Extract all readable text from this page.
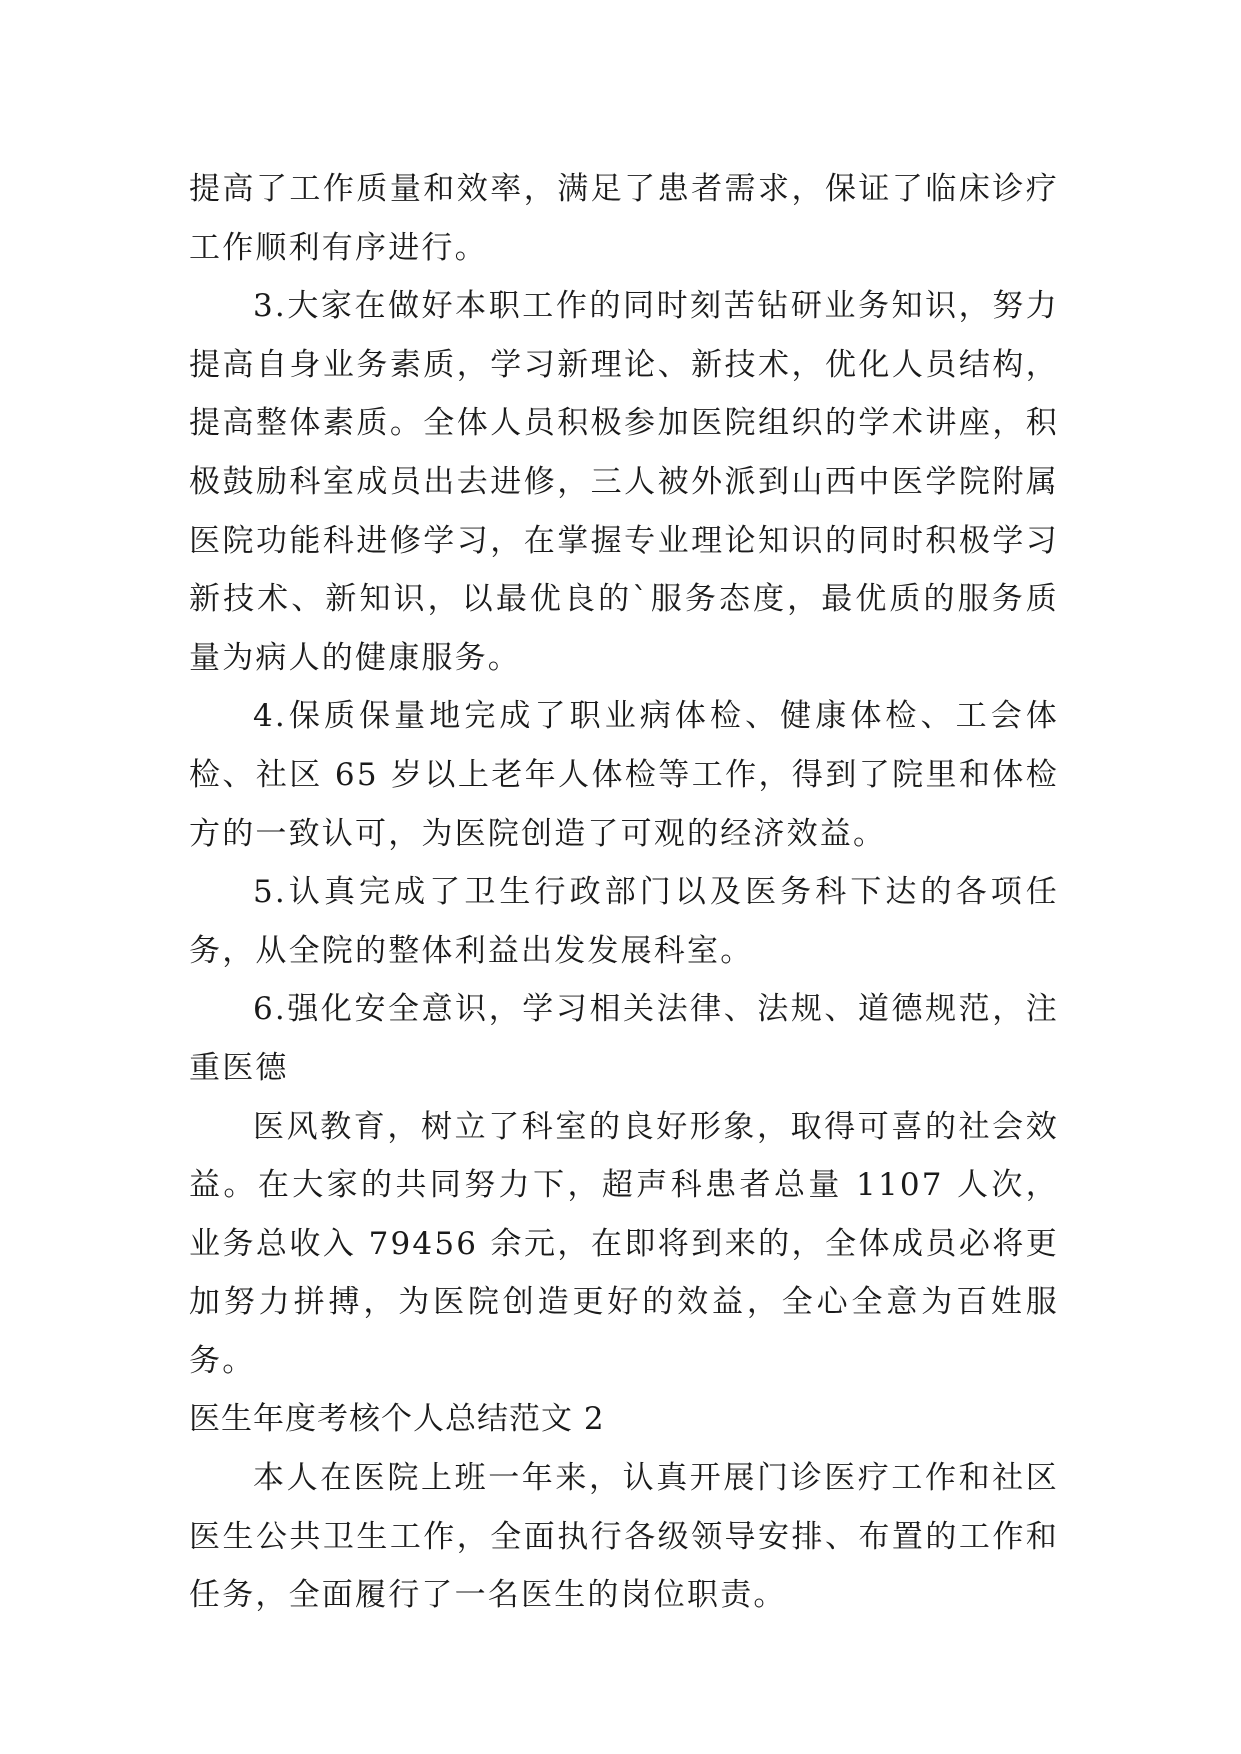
提高了工作质量和效率，满足了患者需求，保证了临床诊疗工作顺利有序进行。

3.大家在做好本职工作的同时刻苦钻研业务知识，努力提高自身业务素质，学习新理论、新技术，优化人员结构，提高整体素质。全体人员积极参加医院组织的学术讲座，积极鼓励科室成员出去进修，三人被外派到山西中医学院附属医院功能科进修学习，在掌握专业理论知识的同时积极学习新技术、新知识，以最优良的`服务态度，最优质的服务质量为病人的健康服务。

4.保质保量地完成了职业病体检、健康体检、工会体检、社区 65 岁以上老年人体检等工作，得到了院里和体检方的一致认可，为医院创造了可观的经济效益。

5.认真完成了卫生行政部门以及医务科下达的各项任务，从全院的整体利益出发发展科室。

6.强化安全意识，学习相关法律、法规、道德规范，注重医德

医风教育，树立了科室的良好形象，取得可喜的社会效益。在大家的共同努力下，超声科患者总量 1107 人次，业务总收入 79456 余元，在即将到来的，全体成员必将更加努力拼搏，为医院创造更好的效益，全心全意为百姓服务。

医生年度考核个人总结范文 2

本人在医院上班一年来，认真开展门诊医疗工作和社区医生公共卫生工作，全面执行各级领导安排、布置的工作和任务，全面履行了一名医生的岗位职责。
